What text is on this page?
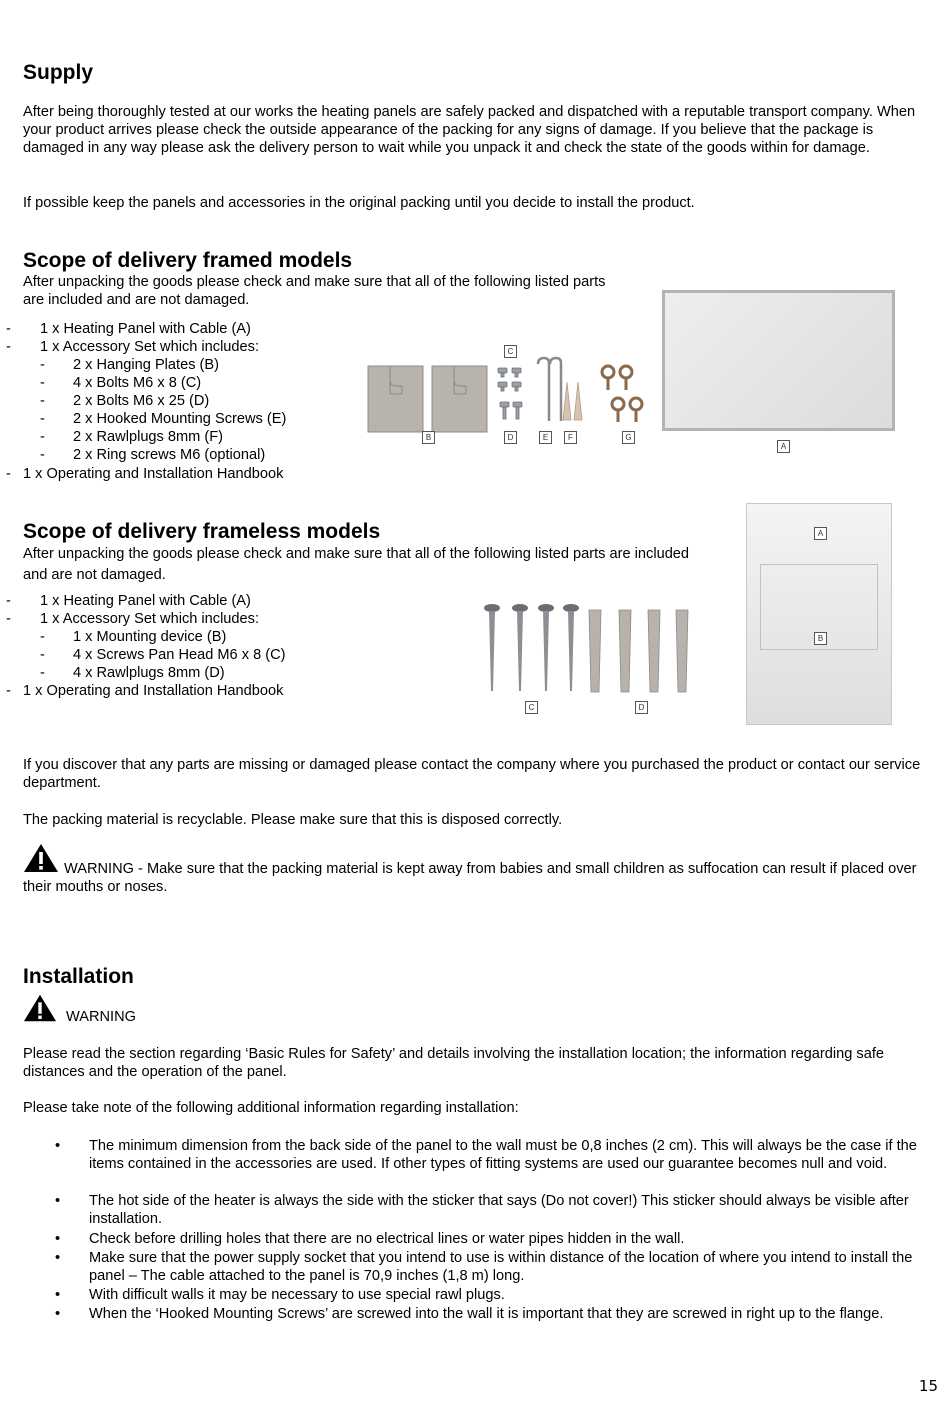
Supply

After being thoroughly tested at our works the heating panels are safely packed and dispatched with a reputable transport company. When your product arrives please check the outside appearance of the packing for any signs of damage. If you believe that the package is damaged in any way please ask the delivery person to wait while you unpack it and check the state of the goods within for damage.

If possible keep the panels and accessories in the original packing until you decide to install the product.

Scope of delivery framed models

After unpacking the goods please check and make sure that all of the following listed parts are included and are not damaged.

- 1 x Heating Panel with Cable (A)
- 1 x Accessory Set which includes:
- 2 x Hanging Plates (B)
- 4 x Bolts M6 x 8 (C)
- 2 x Bolts M6 x 25 (D)
- 2 x Hooked Mounting Screws (E)
- 2 x Rawlplugs 8mm (F)
- 2 x Ring screws M6 (optional)
- 1 x Operating and Installation Handbook
C
B	D	E	F	G
A
Scope of delivery frameless models

After unpacking the goods please check and make sure that all of the following listed parts are included and are not damaged.

- 1 x Heating Panel with Cable (A)
- 1 x Accessory Set which includes:
- 1 x Mounting device (B)
- 4 x Screws Pan Head M6 x 8 (C)
- 4 x Rawlplugs 8mm (D)
- 1 x Operating and Installation Handbook
C	D
A
B

If you discover that any parts are missing or damaged please contact the company where you purchased the product or contact our service department.

The packing material is recyclable. Please make sure that this is disposed correctly.

WARNING - Make sure that the packing material is kept away from babies and small children as suffocation can result if placed over their mouths or noses.

Installation

WARNING

Please read the section regarding ‘Basic Rules for Safety’ and details involving the installation location; the information regarding safe distances and the operation of the panel.

Please take note of the following additional information regarding installation:

• The minimum dimension from the back side of the panel to the wall must be 0,8 inches (2 cm). This will always be the case if the items contained in the accessories are used. If other types of fitting systems are used our guarantee becomes null and void.
• The hot side of the heater is always the side with the sticker that says (Do not cover!) This sticker should always be visible after installation.
• Check before drilling holes that there are no electrical lines or water pipes hidden in the wall.
• Make sure that the power supply socket that you intend to use is within distance of the location of where you intend to install the panel – The cable attached to the panel is 70,9 inches (1,8 m) long.
• With difficult walls it may be necessary to use special rawl plugs.
• When the ‘Hooked Mounting Screws’ are screwed into the wall it is important that they are screwed in right up to the flange.
15
